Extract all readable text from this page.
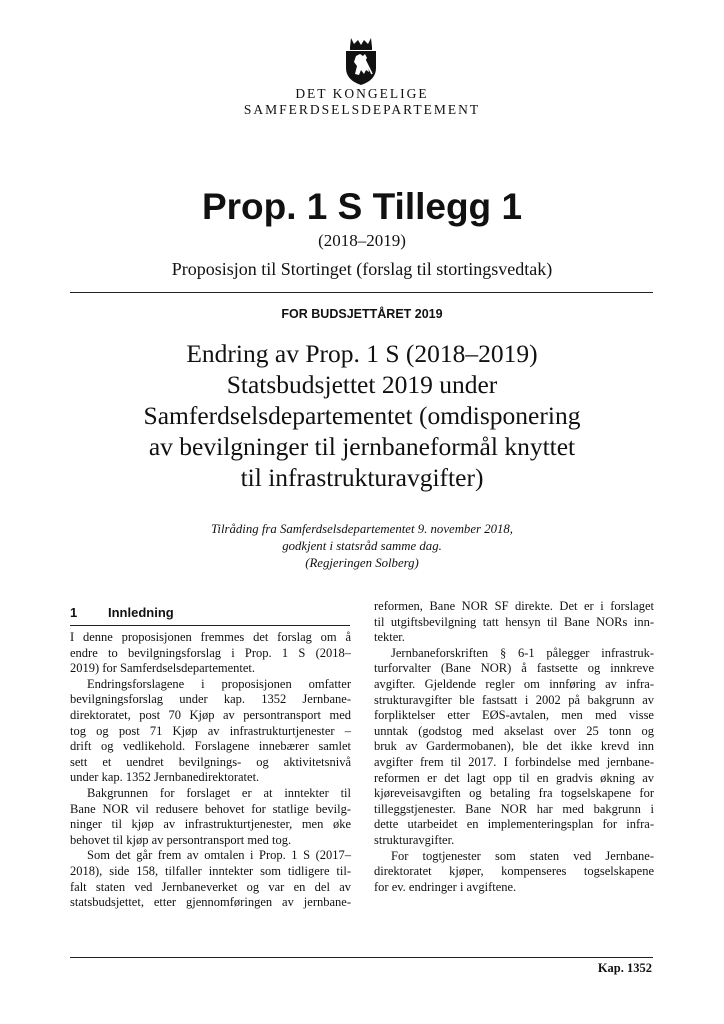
DET KONGELIGE
SAMFERDSELSDEPARTEMENT
Prop. 1 S Tillegg 1
(2018–2019)
Proposisjon til Stortinget (forslag til stortingsvedtak)
FOR BUDSJETTÅRET 2019
Endring av Prop. 1 S (2018–2019)
Statsbudsjettet 2019 under
Samferdselsdepartementet (omdisponering
av bevilgninger til jernbaneformål knyttet
til infrastrukturavgifter)
Tilråding fra Samferdselsdepartementet 9. november 2018,
godkjent i statsråd samme dag.
(Regjeringen Solberg)
1 Innledning
I denne proposisjonen fremmes det forslag om å
endre to bevilgningsforslag i Prop. 1 S (2018–
2019) for Samferdselsdepartementet.
Endringsforslagene i proposisjonen omfatter
bevilgningsforslag under kap. 1352 Jernbane-
direktoratet, post 70 Kjøp av persontransport med
tog og post 71 Kjøp av infrastrukturtjenester –
drift og vedlikehold. Forslagene innebærer samlet
sett et uendret bevilgnings- og aktivitetsnivå
under kap. 1352 Jernbanedirektoratet.
Bakgrunnen for forslaget er at inntekter til
Bane NOR vil redusere behovet for statlige bevilg-
ninger til kjøp av infrastrukturtjenester, men øke
behovet til kjøp av persontransport med tog.
Som det går frem av omtalen i Prop. 1 S (2017–
2018), side 158, tilfaller inntekter som tidligere til-
falt staten ved Jernbaneverket og var en del av
statsbudsjettet, etter gjennomføringen av jernbane-
reformen, Bane NOR SF direkte. Det er i forslaget
til utgiftsbevilgning tatt hensyn til Bane NORs inn-
tekter.
Jernbaneforskriften § 6-1 pålegger infrastruk-
turforvalter (Bane NOR) å fastsette og innkreve
avgifter. Gjeldende regler om innføring av infra-
strukturavgifter ble fastsatt i 2002 på bakgrunn av
forpliktelser etter EØS-avtalen, men med visse
unntak (godstog med akselast over 25 tonn og
bruk av Gardermobanen), ble det ikke krevd inn
avgifter frem til 2017. I forbindelse med jernbane-
reformen er det lagt opp til en gradvis økning av
kjøreveisavgiften og betaling fra togselskapene for
tilleggstjenester. Bane NOR har med bakgrunn i
dette utarbeidet en implementeringsplan for infra-
strukturavgifter.
For togtjenester som staten ved Jernbane-
direktoratet kjøper, kompenseres togselskapene
for ev. endringer i avgiftene.
Kap. 1352
